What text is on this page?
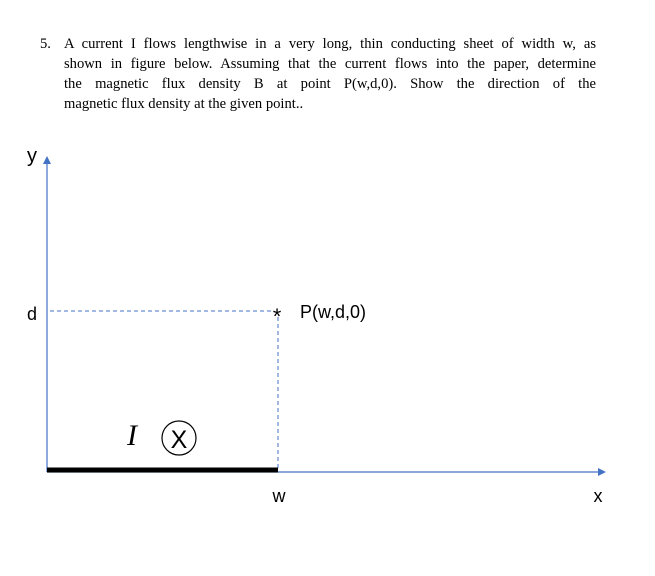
5. A current I flows lengthwise in a very long, thin conducting sheet of width w, as
shown in figure below. Assuming that the current flows into the paper, determine
the magnetic flux density B at point P(w,d,0). Show the direction of the
magnetic flux density at the given point..
X
I
* P(w,d,0)
y
x
d
w
